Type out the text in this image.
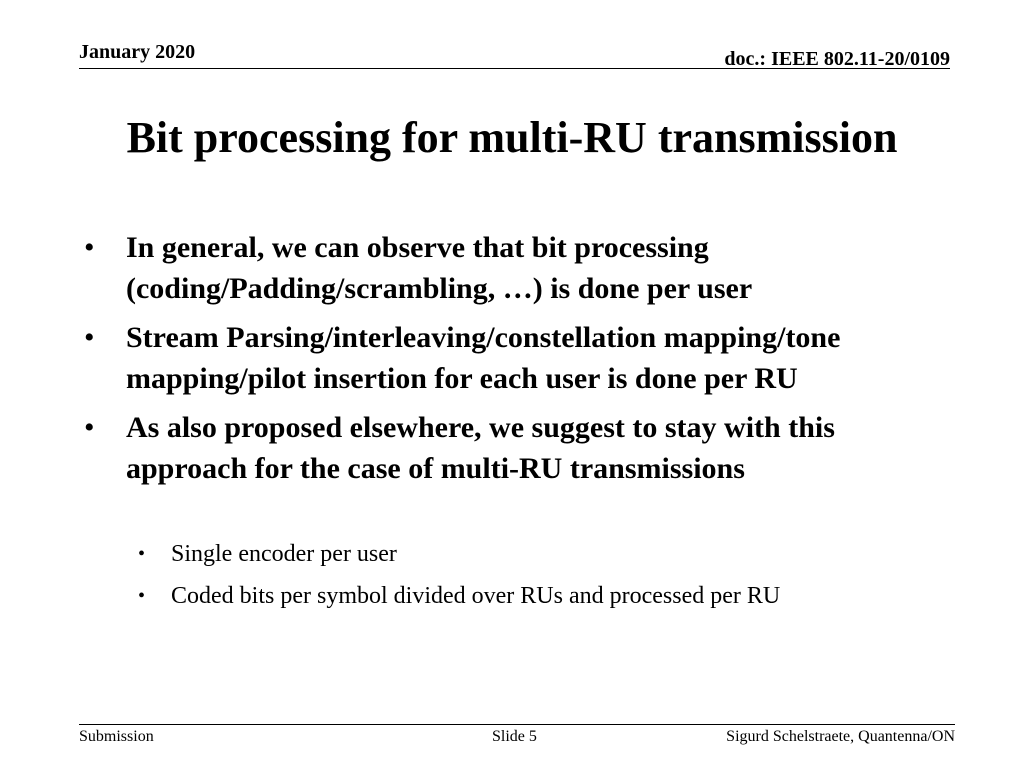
January 2020	doc.: IEEE 802.11-20/0109
Bit processing for multi-RU transmission
• In general, we can observe that bit processing (coding/Padding/scrambling, …) is done per user
• Stream Parsing/interleaving/constellation mapping/tone mapping/pilot insertion for each user is done per RU
• As also proposed elsewhere, we suggest to stay with this approach for the case of multi-RU transmissions
• Single encoder per user
• Coded bits per symbol divided over RUs and processed per RU
Submission	Slide 5	Sigurd Schelstraete, Quantenna/ON
